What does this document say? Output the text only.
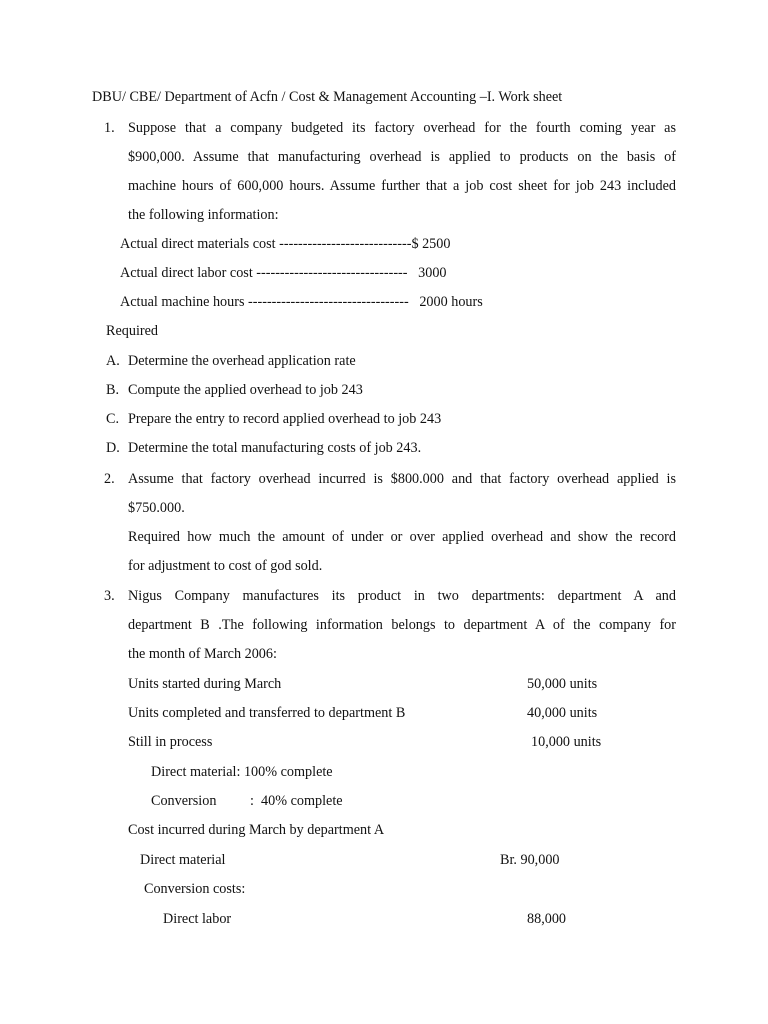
DBU/ CBE/ Department of Acfn / Cost & Management Accounting –I. Work sheet
1. Suppose that a company budgeted its factory overhead for the fourth coming year as
$900,000. Assume that manufacturing overhead is applied to products on the basis of
machine hours of 600,000 hours. Assume further that a job cost sheet for job 243 included
the following information:
Actual direct materials cost ----------------------------$ 2500
Actual direct labor cost --------------------------------   3000
Actual machine hours ----------------------------------   2000 hours
Required
A. Determine the overhead application rate
B. Compute the applied overhead to job 243
C. Prepare the entry to record applied overhead to job 243
D. Determine the total manufacturing costs of job 243.
2. Assume that factory overhead incurred is $800.000 and that factory overhead applied is
$750.000.
Required how much the amount of under or over applied overhead and show the record
for adjustment to cost of god sold.
3. Nigus Company manufactures its product in two departments: department A and
department B .The following information belongs to department A of the company for
the month of March 2006:
Units started during March	50,000 units
Units completed and transferred to department B	40,000 units
Still in process	10,000 units
Direct material: 100% complete
Conversion :  40% complete
Cost incurred during March by department A
Direct material	Br. 90,000
Conversion costs:
Direct labor	88,000
